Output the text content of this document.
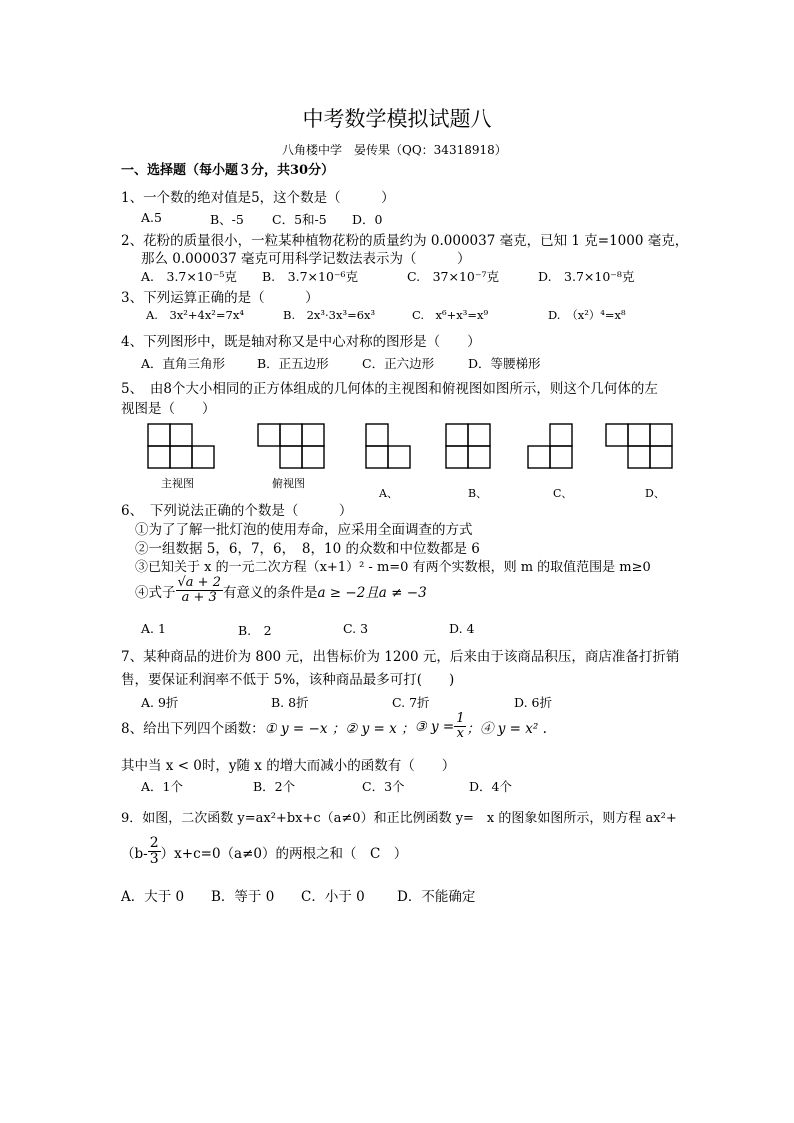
中考数学模拟试题八
八角楼中学　晏传果（QQ：34318918）
一、选择题（每小题３分，共30分）
1、一个数的绝对值是5，这个数是（　　　）
A.5	B、-5 C．5和-5 D．0
2、花粉的质量很小，一粒某种植物花粉的质量约为 0.000037 毫克，已知 1 克=1000 毫克，
那么 0.000037 毫克可用科学记数法表示为（　　　）
A.　3.7×10⁻⁵克 B.　3.7×10⁻⁶克	C.　37×10⁻⁷克	D.　3.7×10⁻⁸克
3、下列运算正确的是（　　　）
A.　3x²+4x²=7x⁴	B.　2x³·3x³=6x³	C.　x⁶+x³=x⁹	D.　（x²）⁴=x⁸
4、下列图形中，既是轴对称又是中心对称的图形是（　　）
A．直角三角形	B．正五边形	C．正六边形	D．等腰梯形
5、　由8个大小相同的正方体组成的几何体的主视图和俯视图如图所示，则这个几何体的左
视图是（　　）
主视图	俯视图
A、	B、	C、	D、
6、　下列说法正确的个数是（　　　）
①为了了解一批灯泡的使用寿命，应采用全面调查的方式
②一组数据 5，6，7，6，　8，10 的众数和中位数都是 6
③已知关于 x 的一元二次方程（x+1）² - m=0 有两个实数根，则 m 的取值范围是 m≥0
④式子 $\frac{√a + 2}{a + 3}$ 有意义的条件是 a ≥ −2且a ≠ −3
A. 1	B.　2	C. 3	D. 4
7、某种商品的进价为 800 元，出售标价为 1200 元，后来由于该商品积压，商店准备打折销
售，要保证利润率不低于 5%，该种商品最多可打(　　)
A. 9折	B. 8折	C. 7折	D. 6折
8、给出下列四个函数： ① y = −x ； ② y = x ； ③ $y = \frac{1}{x}$ ；④ y = x² .
其中当 x < 0时，y随 x 的增大而减小的函数有（　　）
A．1个	B．2个	C．3个	D．4个
9．如图，二次函数 y=ax²+bx+c（a≠0）和正比例函数 y=　x 的图象如图所示，则方程 ax²+
$(b- \frac{2}{3} )x+c=0(a\ne 0)$的两根之和（　C　）
A．大于 0 B．等于 0 C．小于 0 D．不能确定
